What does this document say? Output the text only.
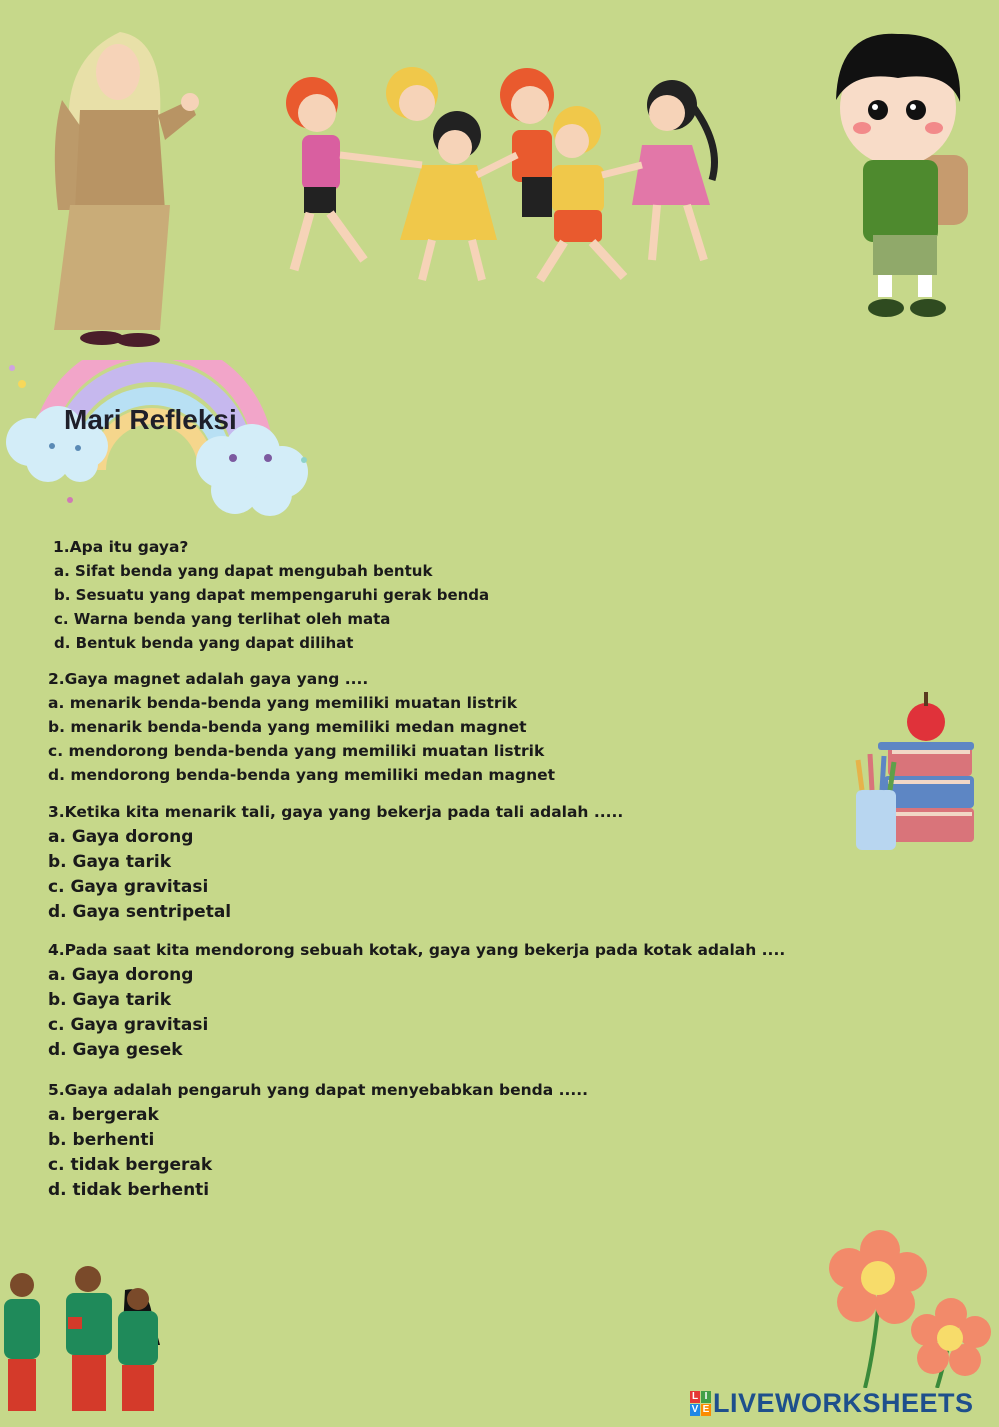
Mari Refleksi
1.Apa itu gaya?
a. Sifat benda yang dapat mengubah bentuk
b. Sesuatu yang dapat mempengaruhi gerak benda
c. Warna benda yang terlihat oleh mata
d. Bentuk benda yang dapat dilihat
2.Gaya magnet adalah gaya yang ....
a. menarik benda-benda yang memiliki muatan listrik
b. menarik benda-benda yang memiliki medan magnet
c. mendorong benda-benda yang memiliki muatan listrik
d. mendorong benda-benda yang memiliki medan magnet
3.Ketika kita menarik tali, gaya yang bekerja pada tali adalah .....
a. Gaya dorong
b. Gaya tarik
c. Gaya gravitasi
d. Gaya sentripetal
4.Pada saat kita mendorong sebuah kotak, gaya yang bekerja pada kotak adalah ....
a. Gaya dorong
b. Gaya tarik
c. Gaya gravitasi
d. Gaya gesek
5.Gaya adalah pengaruh yang dapat menyebabkan benda .....
a. bergerak
b. berhenti
c. tidak bergerak
d. tidak berhenti
L I
V E LIVEWORKSHEETS
